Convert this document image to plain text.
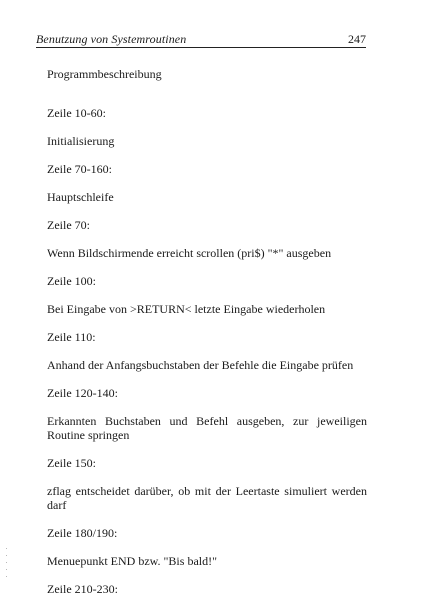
Benutzung von Systemroutinen	247
Programmbeschreibung
Zeile 10-60:
Initialisierung
Zeile 70-160:
Hauptschleife
Zeile 70:
Wenn Bildschirmende erreicht scrollen (pri$) "*" ausgeben
Zeile 100:
Bei Eingabe von >RETURN< letzte Eingabe wiederholen
Zeile 110:
Anhand der Anfangsbuchstaben der Befehle die Eingabe prüfen
Zeile 120-140:
Erkannten Buchstaben und Befehl ausgeben, zur jeweiligen Routine springen
Zeile 150:
zflag entscheidet darüber, ob mit der Leertaste simuliert werden darf
Zeile 180/190:
Menuepunkt END bzw. "Bis bald!"
Zeile 210-230:
